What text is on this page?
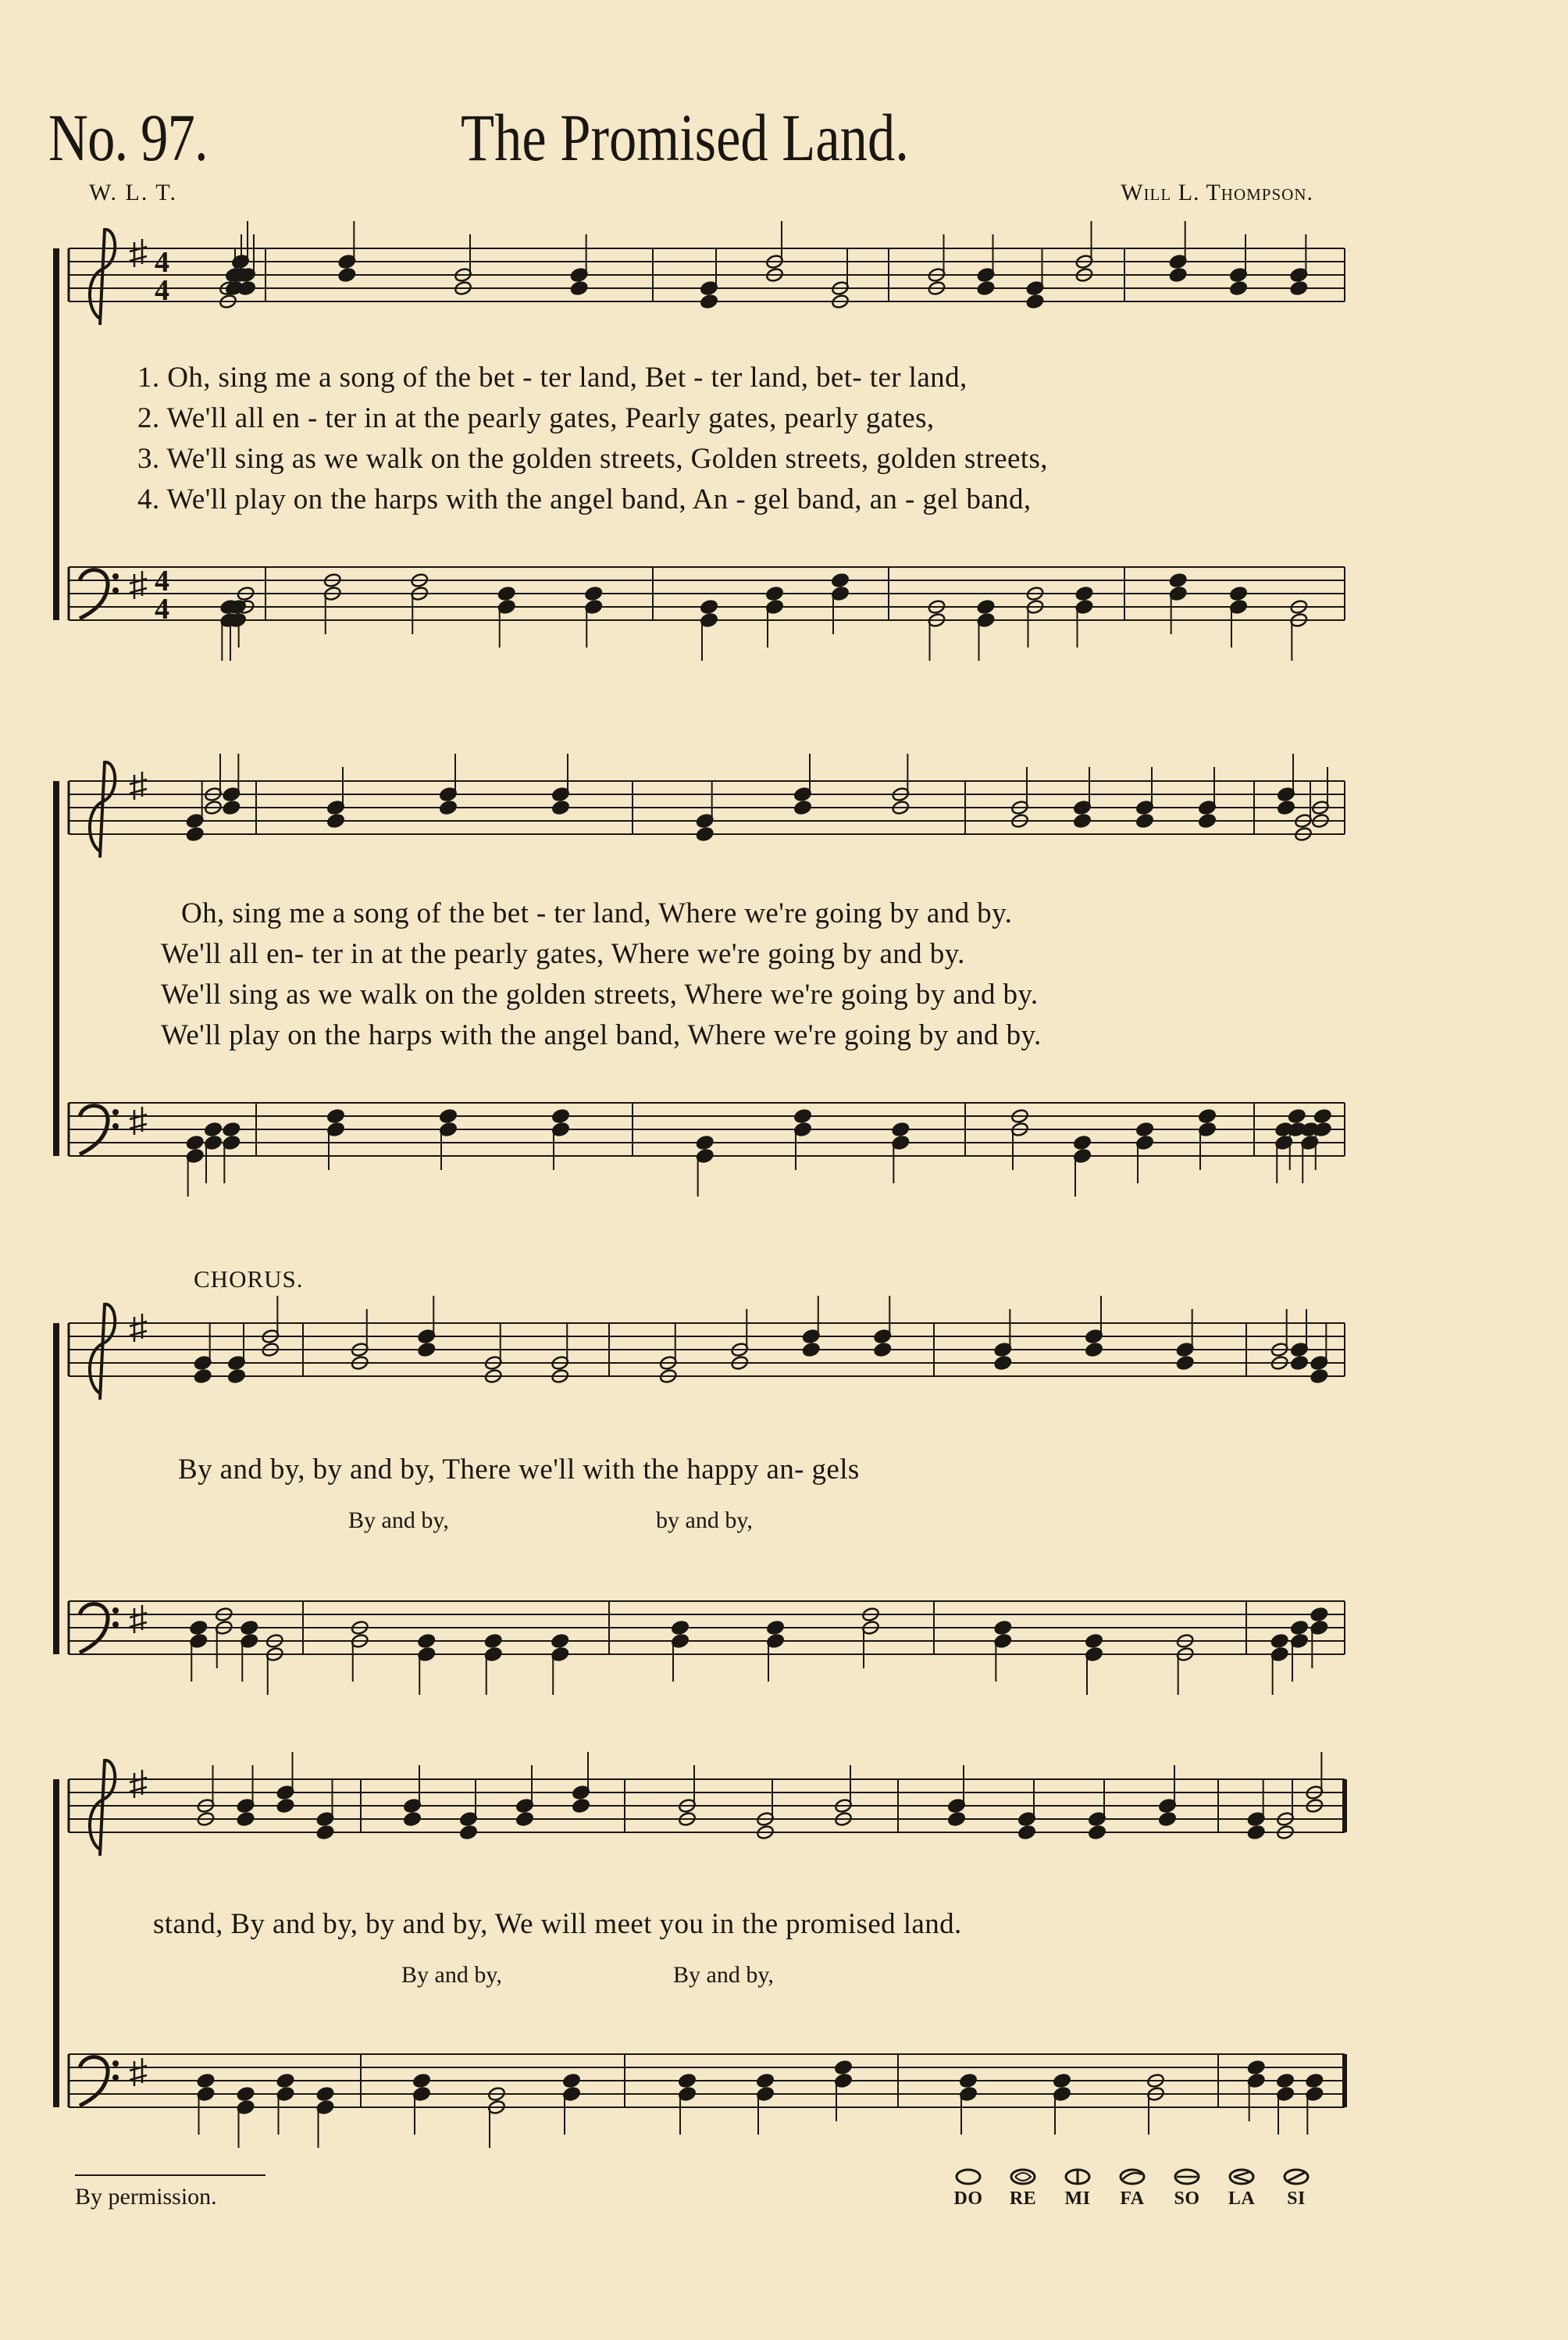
No. 97.	The Promised Land.
W. L. T.	Will L. Thompson.
4
4
4
4
1. Oh, sing me a song of the bet - ter land, Bet - ter land, bet- ter land,
2. We'll all en - ter in at the pearly gates, Pearly gates, pearly gates,
3. We'll sing as we walk on the golden streets, Golden streets, golden streets,
4. We'll play on the harps with the angel band, An - gel band, an - gel band,
Oh, sing me a song of the bet - ter land, Where we're going by and by.
We'll all en- ter in at the pearly gates, Where we're going by and by.
We'll sing as we walk on the golden streets, Where we're going by and by.
We'll play on the harps with the angel band, Where we're going by and by.
CHORUS.
By and by, by and by, There we'll with the happy an- gels
By and by,	by and by,
stand, By and by, by and by, We will meet you in the promised land.
By and by,	By and by,
By permission.	DO	RE	MI	FA	SO	LA	SI
